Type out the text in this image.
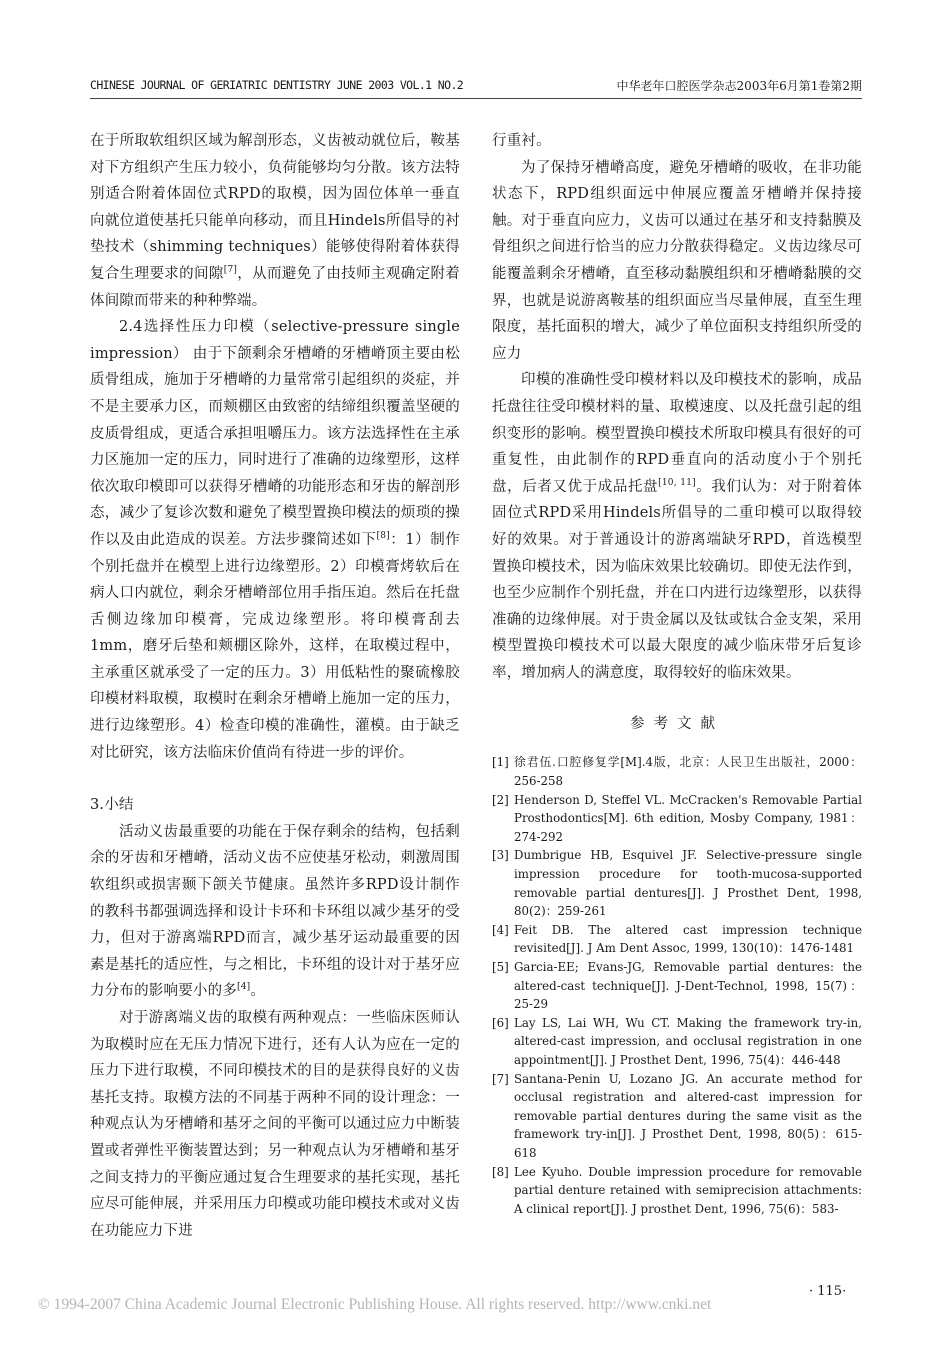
CHINESE JOURNAL OF GERIATRIC DENTISTRY JUNE 2003 VOL.1 NO.2	中华老年口腔医学杂志2003年6月第1卷第2期

在于所取软组织区域为解剖形态，义齿被动就位后，鞍基对下方组织产生压力较小，负荷能够均匀分散。该方法特别适合附着体固位式RPD的取模，因为固位体单一垂直向就位道使基托只能单向移动，而且Hindels所倡导的衬垫技术（shimming techniques）能够使得附着体获得复合生理要求的间隙[7]，从而避免了由技师主观确定附着体间隙而带来的种种弊端。

2.4选择性压力印模（selective-pressure single impression） 由于下颌剩余牙槽嵴的牙槽嵴顶主要由松质骨组成，施加于牙槽嵴的力量常常引起组织的炎症，并不是主要承力区，而颊棚区由致密的结缔组织覆盖坚硬的皮质骨组成，更适合承担咀嚼压力。该方法选择性在主承力区施加一定的压力，同时进行了准确的边缘塑形，这样依次取印模即可以获得牙槽嵴的功能形态和牙齿的解剖形态，减少了复诊次数和避免了模型置换印模法的烦琐的操作以及由此造成的误差。方法步骤简述如下[8]：1）制作个别托盘并在模型上进行边缘塑形。2）印模膏烤软后在病人口内就位，剩余牙槽嵴部位用手指压迫。然后在托盘舌侧边缘加印模膏，完成边缘塑形。将印模膏刮去1mm，磨牙后垫和颊棚区除外，这样，在取模过程中，主承重区就承受了一定的压力。3）用低粘性的聚硫橡胶印模材料取模，取模时在剩余牙槽嵴上施加一定的压力，进行边缘塑形。4）检查印模的准确性，灌模。由于缺乏对比研究，该方法临床价值尚有待进一步的评价。

3.小结

活动义齿最重要的功能在于保存剩余的结构，包括剩余的牙齿和牙槽嵴，活动义齿不应使基牙松动，刺激周围软组织或损害颞下颌关节健康。虽然许多RPD设计制作的教科书都强调选择和设计卡环和卡环组以减少基牙的受力，但对于游离端RPD而言，减少基牙运动最重要的因素是基托的适应性，与之相比，卡环组的设计对于基牙应力分布的影响要小的多[4]。

对于游离端义齿的取模有两种观点：一些临床医师认为取模时应在无压力情况下进行，还有人认为应在一定的压力下进行取模，不同印模技术的目的是获得良好的义齿基托支持。取模方法的不同基于两种不同的设计理念：一种观点认为牙槽嵴和基牙之间的平衡可以通过应力中断装置或者弹性平衡装置达到；另一种观点认为牙槽嵴和基牙之间支持力的平衡应通过复合生理要求的基托实现，基托应尽可能伸展，并采用压力印模或功能印模技术或对义齿在功能应力下进

行重衬。

为了保持牙槽嵴高度，避免牙槽嵴的吸收，在非功能状态下，RPD组织面远中伸展应覆盖牙槽嵴并保持接触。对于垂直向应力，义齿可以通过在基牙和支持黏膜及骨组织之间进行恰当的应力分散获得稳定。义齿边缘尽可能覆盖剩余牙槽嵴，直至移动黏膜组织和牙槽嵴黏膜的交界，也就是说游离鞍基的组织面应当尽量伸展，直至生理限度，基托面积的增大，减少了单位面积支持组织所受的应力

印模的准确性受印模材料以及印模技术的影响，成品托盘往往受印模材料的量、取模速度、以及托盘引起的组织变形的影响。模型置换印模技术所取印模具有很好的可重复性，由此制作的RPD垂直向的活动度小于个别托盘，后者又优于成品托盘[10, 11]。我们认为：对于附着体固位式RPD采用Hindels所倡导的二重印模可以取得较好的效果。对于普通设计的游离端缺牙RPD，首选模型置换印模技术，因为临床效果比较确切。即使无法作到，也至少应制作个别托盘，并在口内进行边缘塑形，以获得准确的边缘伸展。对于贵金属以及钛或钛合金支架，采用模型置换印模技术可以最大限度的减少临床带牙后复诊率，增加病人的满意度，取得较好的临床效果。

参考文献

[1] 徐君伍.口腔修复学[M].4版，北京：人民卫生出版社，2000：256-258

[2] Henderson D, Steffel VL. McCracken's Removable Partial Prosthodontics[M]. 6th edition, Mosby Company, 1981：274-292

[3] Dumbrigue HB, Esquivel JF. Selective-pressure single impression procedure for tooth-mucosa-supported removable partial dentures[J]. J Prosthet Dent, 1998, 80(2)：259-261

[4] Feit DB. The altered cast impression technique revisited[J]. J Am Dent Assoc, 1999, 130(10)：1476-1481

[5] Garcia-EE; Evans-JG, Removable partial dentures: the altered-cast technique[J]. J-Dent-Technol, 1998, 15(7)：25-29

[6] Lay LS, Lai WH, Wu CT. Making the framework try-in, altered-cast impression, and occlusal registration in one appointment[J]. J Prosthet Dent, 1996, 75(4)：446-448

[7] Santana-Penin U, Lozano JG. An accurate method for occlusal registration and altered-cast impression for removable partial dentures during the same visit as the framework try-in[J]. J Prosthet Dent, 1998, 80(5)：615-618

[8] Lee Kyuho. Double impression procedure for removable partial denture retained with semiprecision attachments: A clinical report[J]. J prosthet Dent, 1996, 75(6)：583-

· 115·
© 1994-2007 China Academic Journal Electronic Publishing House. All rights reserved. http://www.cnki.net
